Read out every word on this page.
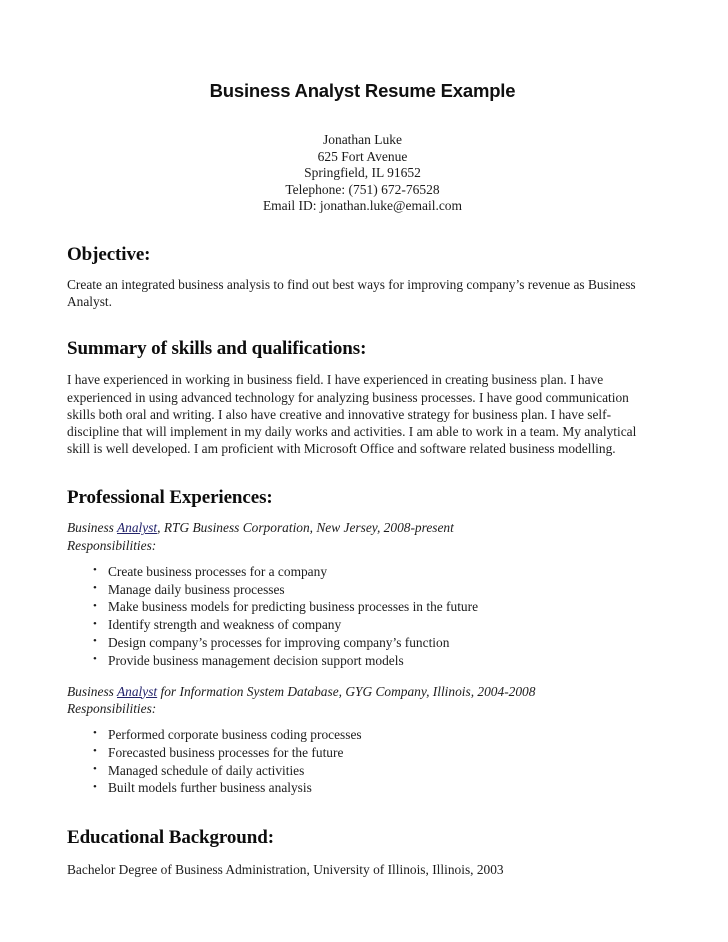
Business Analyst Resume Example
Jonathan Luke
625 Fort Avenue
Springfield, IL 91652
Telephone: (751) 672-76528
Email ID: jonathan.luke@email.com
Objective:

Create an integrated business analysis to find out best ways for improving company’s revenue as Business Analyst.

Summary of skills and qualifications:

I have experienced in working in business field. I have experienced in creating business plan. I have experienced in using advanced technology for analyzing business processes. I have good communication skills both oral and writing. I also have creative and innovative strategy for business plan. I have self-discipline that will implement in my daily works and activities. I am able to work in a team. My analytical skill is well developed. I am proficient with Microsoft Office and software related business modelling.

Professional Experiences:

Business Analyst, RTG Business Corporation, New Jersey, 2008-present

Responsibilities:

• Create business processes for a company
• Manage daily business processes
• Make business models for predicting business processes in the future
• Identify strength and weakness of company
• Design company’s processes for improving company’s function
• Provide business management decision support models

Business Analyst for Information System Database, GYG Company, Illinois, 2004-2008

Responsibilities:

• Performed corporate business coding processes
• Forecasted business processes for the future
• Managed schedule of daily activities
• Built models further business analysis
Educational Background:

Bachelor Degree of Business Administration, University of Illinois, Illinois, 2003
